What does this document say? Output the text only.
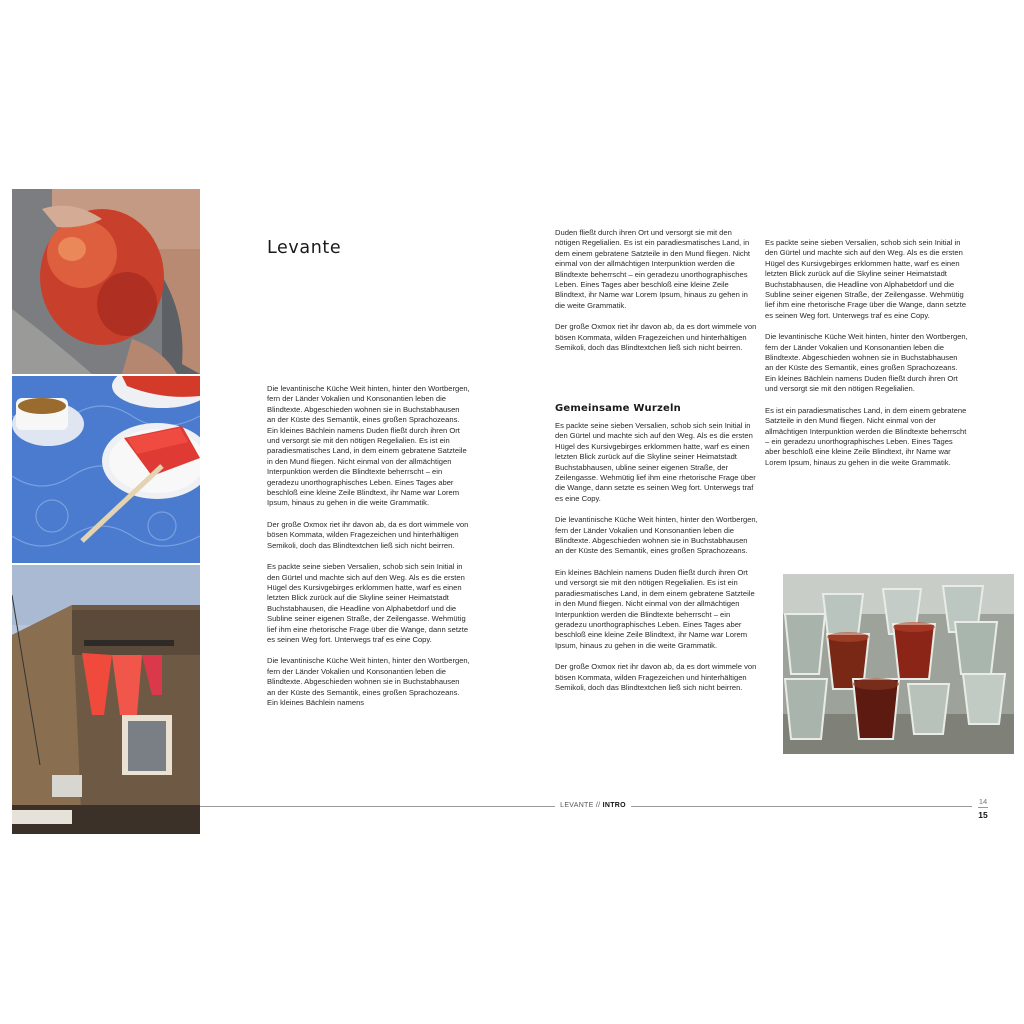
Levante

Die levantinische Küche Weit hinten, hinter den Wortbergen, fern der Länder Vokalien und Konsonantien leben die Blindtexte. Abgeschieden wohnen sie in Buchstabhausen an der Küste des Semantik, eines großen Sprachozeans. Ein kleines Bächlein namens Duden fließt durch ihren Ort und versorgt sie mit den nötigen Regelialien. Es ist ein paradiesmatisches Land, in dem einem gebratene Satzteile in den Mund fliegen. Nicht einmal von der allmächtigen Interpunktion werden die Blindtexte beherrscht – ein geradezu unorthographisches Leben. Eines Tages aber beschloß eine kleine Zeile Blindtext, ihr Name war Lorem Ipsum, hinaus zu gehen in die weite Grammatik.

Der große Oxmox riet ihr davon ab, da es dort wimmele von bösen Kommata, wilden Fragezeichen und hinterhältigen Semikoli, doch das Blindtextchen ließ sich nicht beirren.

Es packte seine sieben Versalien, schob sich sein Initial in den Gürtel und machte sich auf den Weg. Als es die ersten Hügel des Kursivgebirges erklommen hatte, warf es einen letzten Blick zurück auf die Skyline seiner Heimatstadt Buchstabhausen, die Headline von Alphabetdorf und die Subline seiner eigenen Straße, der Zeilengasse. Wehmütig lief ihm eine rhetorische Frage über die Wange, dann setzte es seinen Weg fort. Unterwegs traf es eine Copy.

Die levantinische Küche Weit hinten, hinter den Wortbergen, fern der Länder Vokalien und Konsonantien leben die Blindtexte. Abgeschieden wohnen sie in Buchstabhausen an der Küste des Semantik, eines großen Sprachozeans. Ein kleines Bächlein namens

Duden fließt durch ihren Ort und versorgt sie mit den nötigen Regelialien. Es ist ein paradiesmatisches Land, in dem einem gebratene Satzteile in den Mund fliegen. Nicht einmal von der allmächtigen Interpunktion werden die Blindtexte beherrscht – ein geradezu unorthographisches Leben. Eines Tages aber beschloß eine kleine Zeile Blindtext, ihr Name war Lorem Ipsum, hinaus zu gehen in die weite Grammatik.

Der große Oxmox riet ihr davon ab, da es dort wimmele von bösen Kommata, wilden Fragezeichen und hinterhältigen Semikoli, doch das Blindtextchen ließ sich nicht beirren.

Gemeinsame Wurzeln

Es packte seine sieben Versalien, schob sich sein Initial in den Gürtel und machte sich auf den Weg. Als es die ersten Hügel des Kursivgebirges erklommen hatte, warf es einen letzten Blick zurück auf die Skyline seiner Heimatstadt Buchstabhausen, ubline seiner eigenen Straße, der Zeilengasse. Wehmütig lief ihm eine rhetorische Frage über die Wange, dann setzte es seinen Weg fort. Unterwegs traf es eine Copy.

Die levantinische Küche Weit hinten, hinter den Wortbergen, fern der Länder Vokalien und Konsonantien leben die Blindtexte. Abgeschieden wohnen sie in Buchstabhausen an der Küste des Semantik, eines großen Sprachozeans.

Ein kleines Bächlein namens Duden fließt durch ihren Ort und versorgt sie mit den nötigen Regelialien. Es ist ein paradiesmatisches Land, in dem einem gebratene Satzteile in den Mund fliegen. Nicht einmal von der allmächtigen Interpunktion werden die Blindtexte beherrscht – ein geradezu unorthographisches Leben. Eines Tages aber beschloß eine kleine Zeile Blindtext, ihr Name war Lorem Ipsum, hinaus zu gehen in die weite Grammatik.

Der große Oxmox riet ihr davon ab, da es dort wimmele von bösen Kommata, wilden Fragezeichen und hinterhältigen Semikoli, doch das Blindtextchen ließ sich nicht beirren.

Es packte seine sieben Versalien, schob sich sein Initial in den Gürtel und machte sich auf den Weg. Als es die ersten Hügel des Kursivgebirges erklommen hatte, warf es einen letzten Blick zurück auf die Skyline seiner Heimatstadt Buchstabhausen, die Headline von Alphabetdorf und die Subline seiner eigenen Straße, der Zeilengasse. Wehmütig lief ihm eine rhetorische Frage über die Wange, dann setzte es seinen Weg fort. Unterwegs traf es eine Copy.

Die levantinische Küche Weit hinten, hinter den Wortbergen, fern der Länder Vokalien und Konsonantien leben die Blindtexte. Abgeschieden wohnen sie in Buchstabhausen an der Küste des Semantik, eines großen Sprachozeans. Ein kleines Bächlein namens Duden fließt durch ihren Ort und versorgt sie mit den nötigen Regelialien.

Es ist ein paradiesmatisches Land, in dem einem gebratene Satzteile in den Mund fliegen. Nicht einmal von der allmächtigen Interpunktion werden die Blindtexte beherrscht – ein geradezu unorthographisches Leben. Eines Tages aber beschloß eine kleine Zeile Blindtext, ihr Name war Lorem Ipsum, hinaus zu gehen in die weite Grammatik.

LEVANTE // INTRO	14
15
